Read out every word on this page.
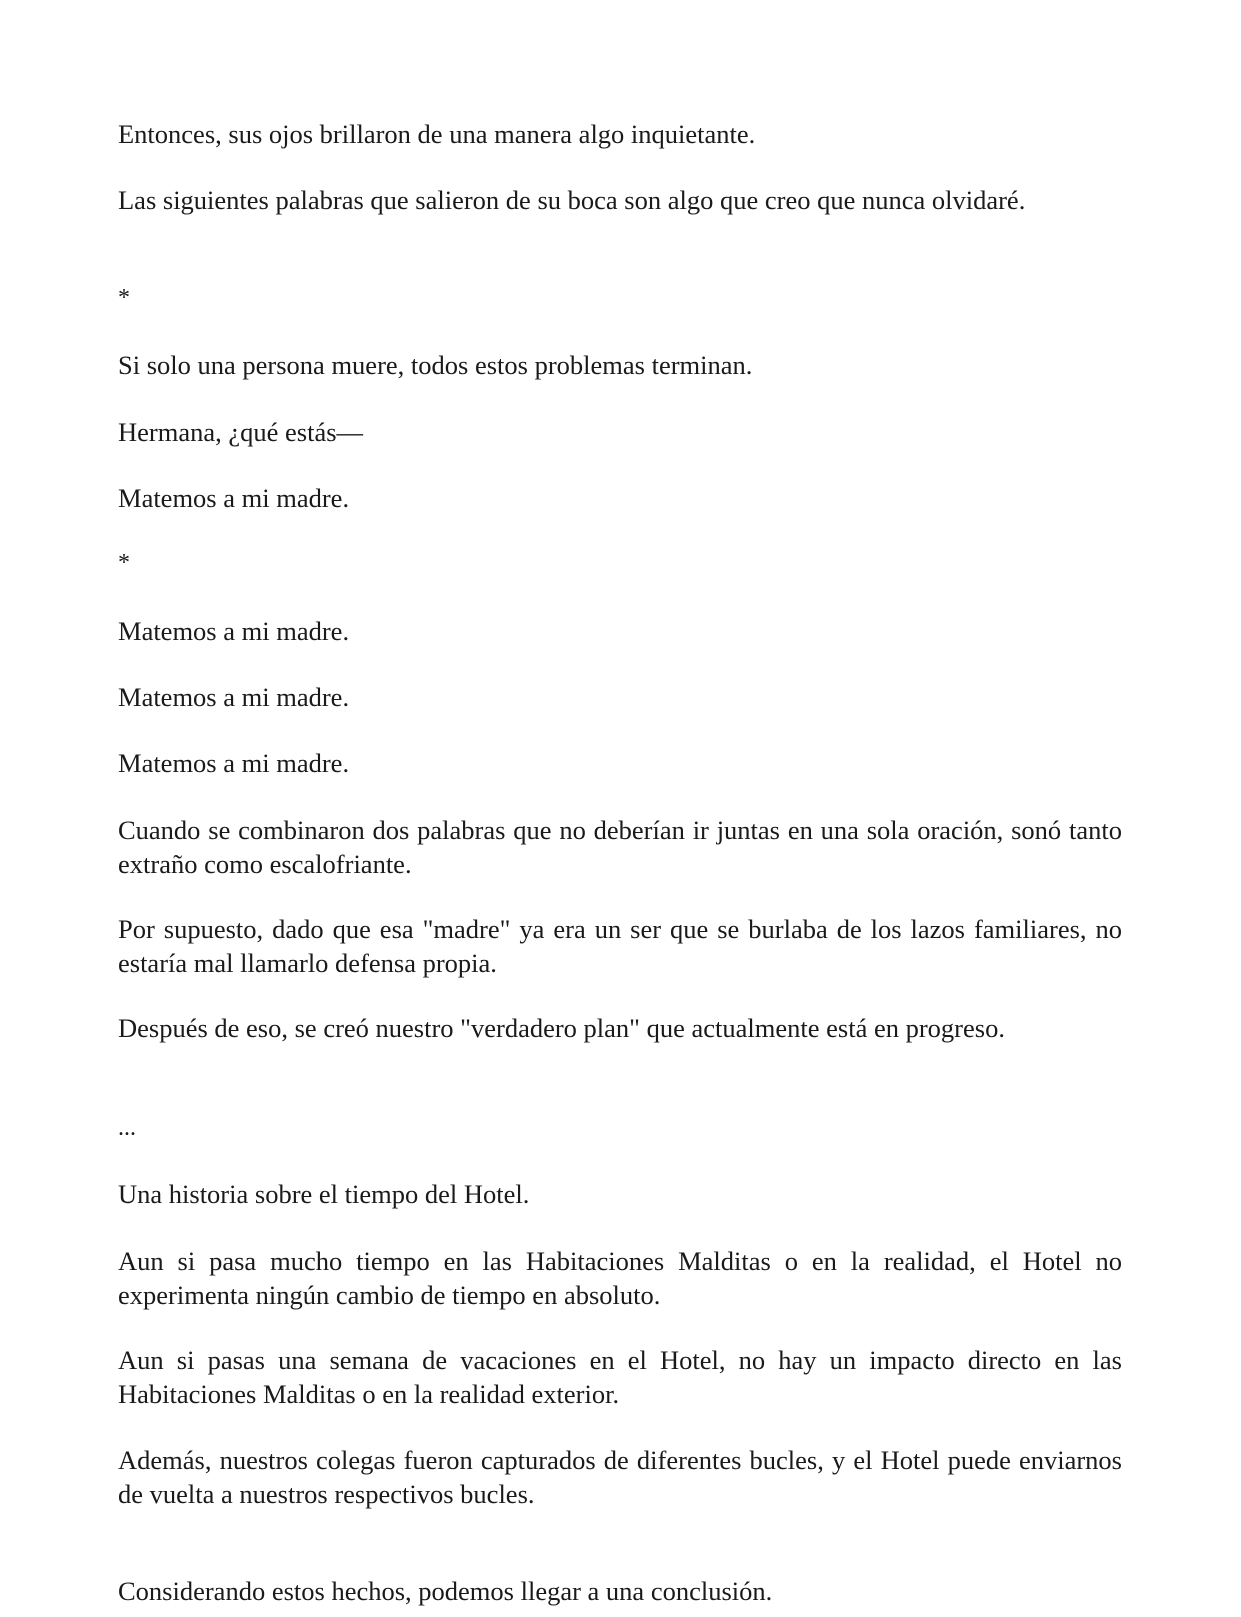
Entonces, sus ojos brillaron de una manera algo inquietante.

Las siguientes palabras que salieron de su boca son algo que creo que nunca olvidaré.

*

Si solo una persona muere, todos estos problemas terminan.

Hermana, ¿qué estás—

Matemos a mi madre.

*

Matemos a mi madre.

Matemos a mi madre.

Matemos a mi madre.

Cuando se combinaron dos palabras que no deberían ir juntas en una sola oración, sonó tanto extraño como escalofriante.

Por supuesto, dado que esa "madre" ya era un ser que se burlaba de los lazos familiares, no estaría mal llamarlo defensa propia.

Después de eso, se creó nuestro "verdadero plan" que actualmente está en progreso.

...

Una historia sobre el tiempo del Hotel.

Aun si pasa mucho tiempo en las Habitaciones Malditas o en la realidad, el Hotel no experimenta ningún cambio de tiempo en absoluto.

Aun si pasas una semana de vacaciones en el Hotel, no hay un impacto directo en las Habitaciones Malditas o en la realidad exterior.

Además, nuestros colegas fueron capturados de diferentes bucles, y el Hotel puede enviarnos de vuelta a nuestros respectivos bucles.

Considerando estos hechos, podemos llegar a una conclusión.
